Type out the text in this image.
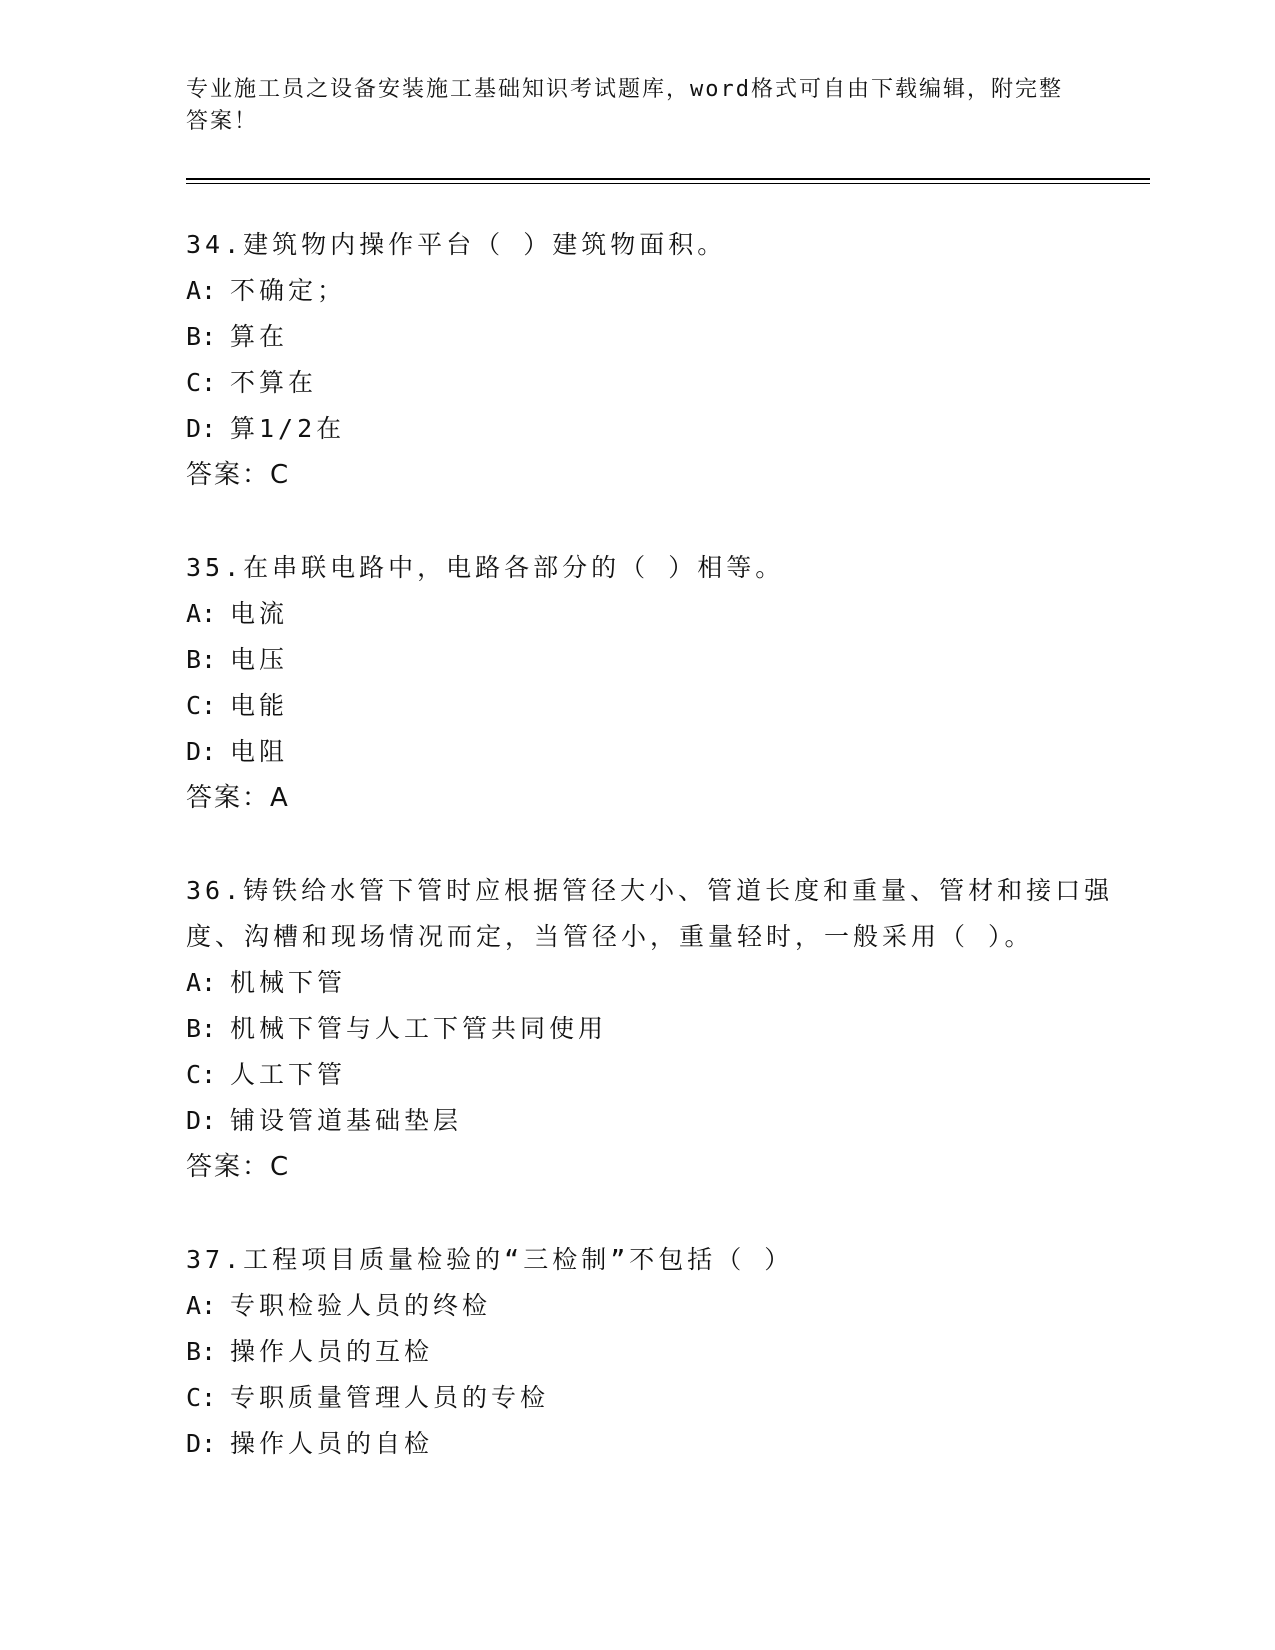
专业施工员之设备安装施工基础知识考试题库，word格式可自由下载编辑，附完整答案！

34.建筑物内操作平台（ ）建筑物面积。

A: 不确定；

B: 算在

C: 不算在

D: 算1/2在

答案：C

35.在串联电路中，电路各部分的（ ）相等。

A: 电流

B: 电压

C: 电能

D: 电阻

答案：A

36.铸铁给水管下管时应根据管径大小、管道长度和重量、管材和接口强度、沟槽和现场情况而定，当管径小，重量轻时，一般采用（ ）。

A: 机械下管

B: 机械下管与人工下管共同使用

C: 人工下管

D: 铺设管道基础垫层

答案：C

37.工程项目质量检验的“三检制”不包括（ ）

A: 专职检验人员的终检

B: 操作人员的互检

C: 专职质量管理人员的专检

D: 操作人员的自检
